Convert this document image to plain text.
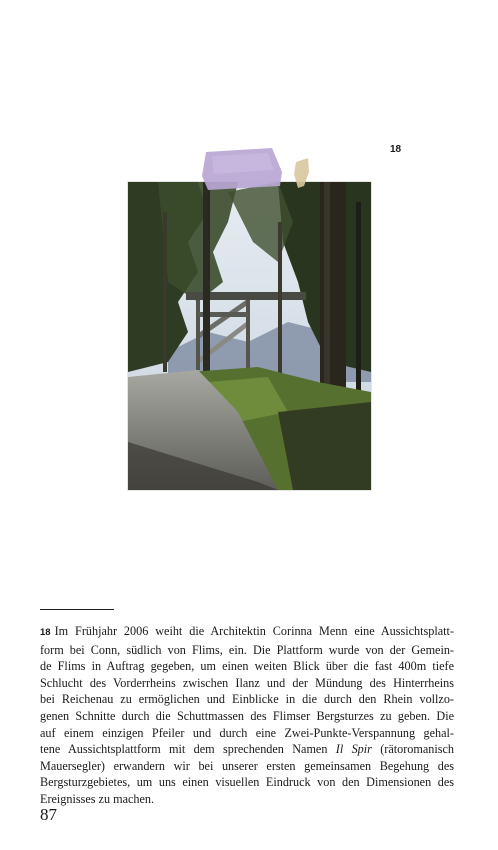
18
18 Im Frühjahr 2006 weiht die Architektin Corinna Menn eine Aussichtsplatt-
form bei Conn, südlich von Flims, ein. Die Plattform wurde von der Gemein-
de Flims in Auftrag gegeben, um einen weiten Blick über die fast 400m tiefe
Schlucht des Vorderrheins zwischen Ilanz und der Mündung des Hinterrheins
bei Reichenau zu ermöglichen und Einblicke in die durch den Rhein vollzo-
genen Schnitte durch die Schuttmassen des Flimser Bergsturzes zu geben. Die
auf einem einzigen Pfeiler und durch eine Zwei-Punkte-Verspannung gehal-
tene Aussichtsplattform mit dem sprechenden Namen Il Spir (rätoromanisch
Mauersegler) erwandern wir bei unserer ersten gemeinsamen Begehung des
Bergsturzgebietes, um uns einen visuellen Eindruck von den Dimensionen des
Ereignisses zu machen.
87
